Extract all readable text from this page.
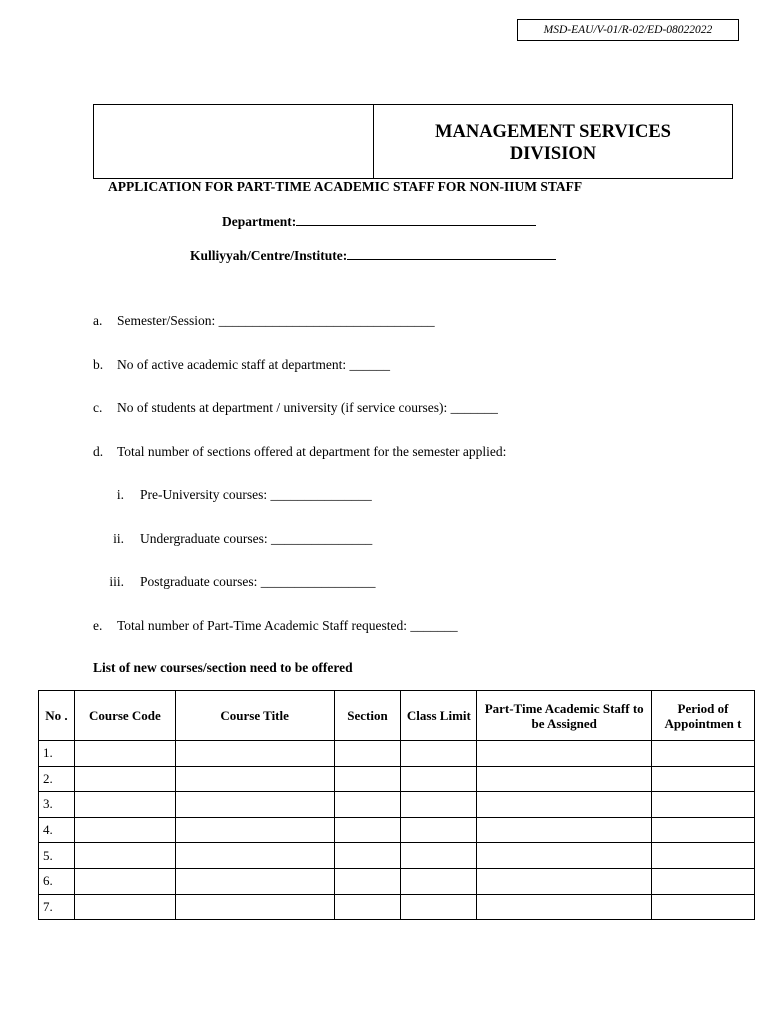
MSD-EAU/V-01/R-02/ED-08022022
MANAGEMENT SERVICES
DIVISION
APPLICATION FOR PART-TIME ACADEMIC STAFF FOR NON-IIUM STAFF
Department:
Kulliyyah/Centre/Institute:
a. Semester/Session: ________________________________
b. No of active academic staff at department: ______
c. No of students at department / university (if service courses): _______
d. Total number of sections offered at department for the semester applied:
i. Pre-University courses: _______________
ii. Undergraduate courses: _______________
iii. Postgraduate courses: _________________
e. Total number of Part-Time Academic Staff requested: _______
List of new courses/section need to be offered
No .	Course Code	Course Title	Section	Class Limit	Part-Time Academic Staff to be Assigned	Period of Appointmen t
1.						
2.						
3.						
4.						
5.						
6.						
7.						
